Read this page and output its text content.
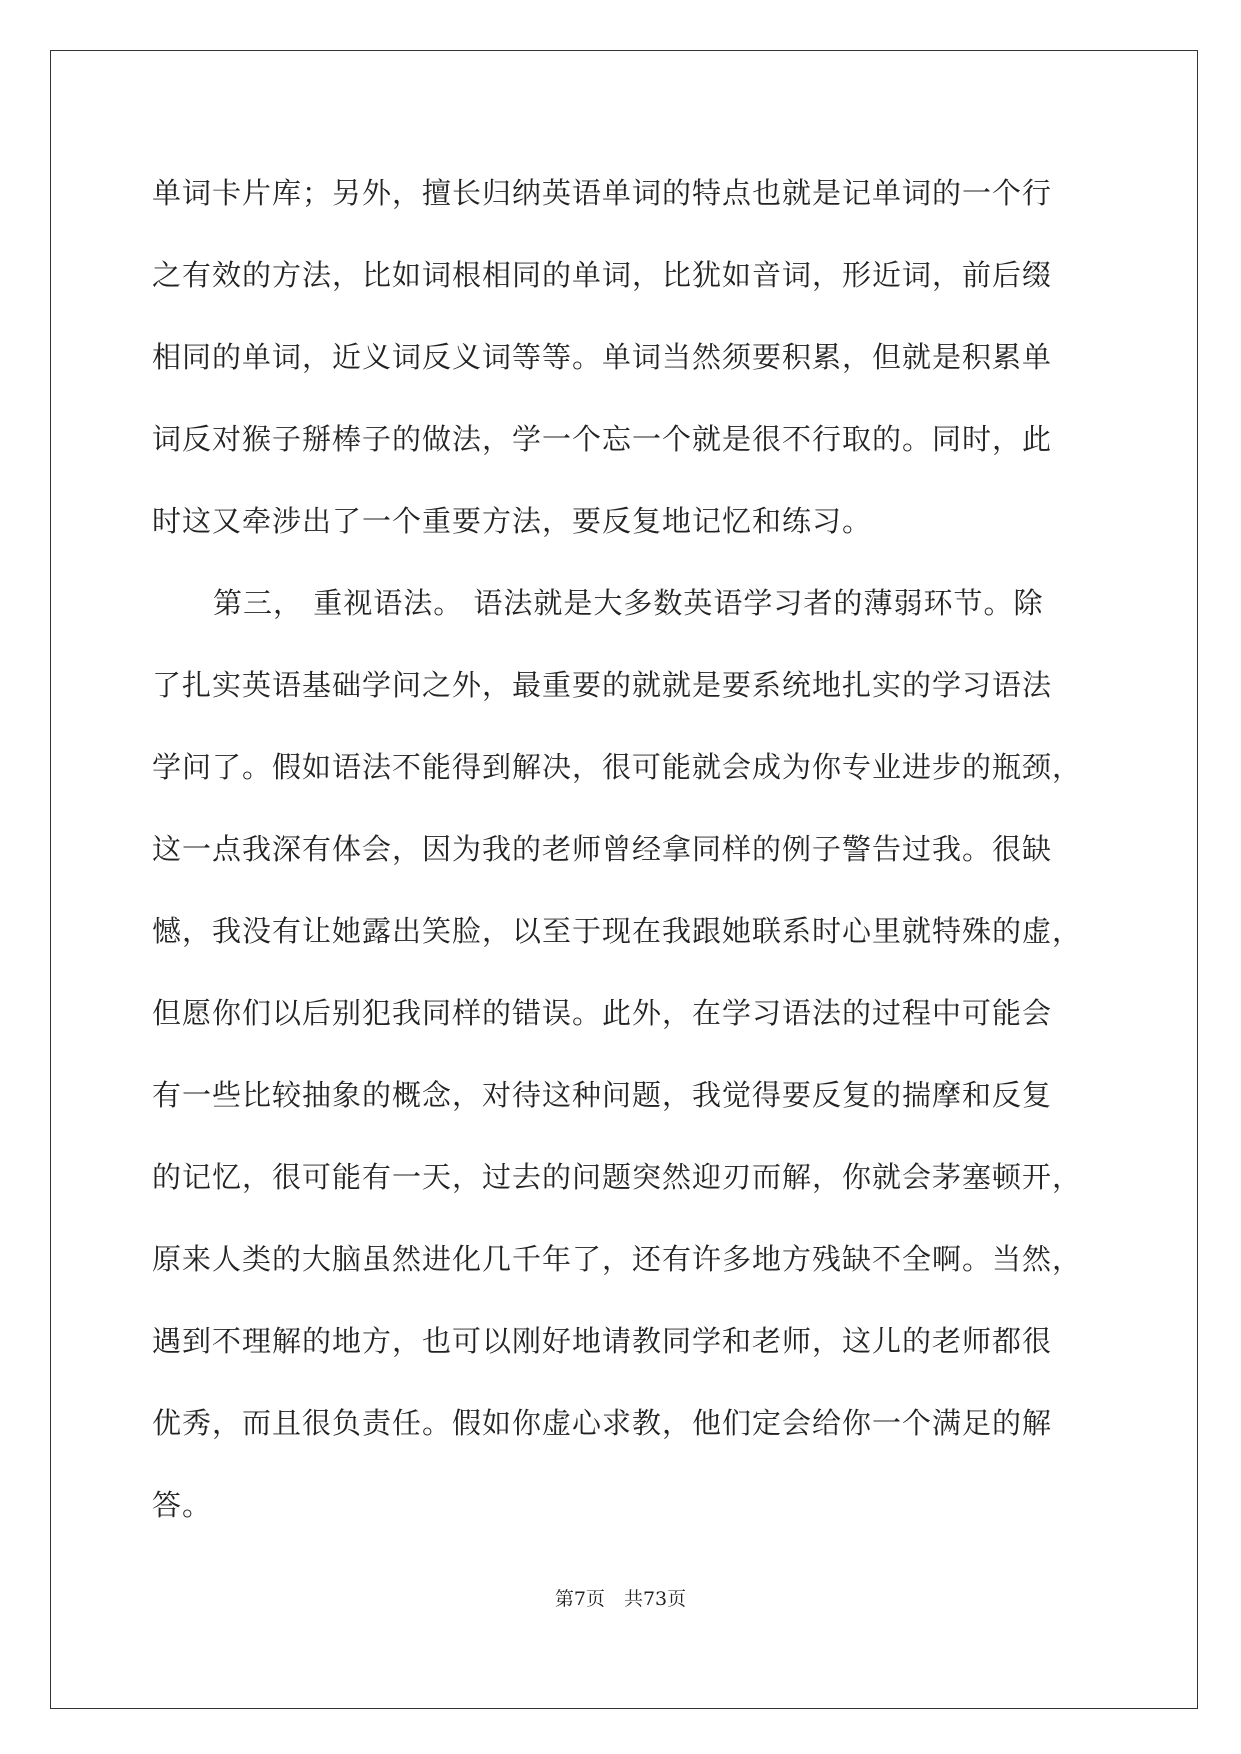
单词卡片库；另外，擅长归纳英语单词的特点也就是记单词的一个行
之有效的方法，比如词根相同的单词，比犹如音词，形近词，前后缀
相同的单词，近义词反义词等等。单词当然须要积累，但就是积累单
词反对猴子掰棒子的做法，学一个忘一个就是很不行取的。同时，此
时这又牵涉出了一个重要方法，要反复地记忆和练习。
第三， 重视语法。 语法就是大多数英语学习者的薄弱环节。除
了扎实英语基础学问之外，最重要的就就是要系统地扎实的学习语法
学问了。假如语法不能得到解决，很可能就会成为你专业进步的瓶颈，
这一点我深有体会，因为我的老师曾经拿同样的例子警告过我。很缺
憾，我没有让她露出笑脸，以至于现在我跟她联系时心里就特殊的虚，
但愿你们以后别犯我同样的错误。此外，在学习语法的过程中可能会
有一些比较抽象的概念，对待这种问题，我觉得要反复的揣摩和反复
的记忆，很可能有一天，过去的问题突然迎刃而解，你就会茅塞顿开，
原来人类的大脑虽然进化几千年了，还有许多地方残缺不全啊。当然，
遇到不理解的地方，也可以刚好地请教同学和老师，这儿的老师都很
优秀，而且很负责任。假如你虚心求教，他们定会给你一个满足的解
答。
第7页　共73页
